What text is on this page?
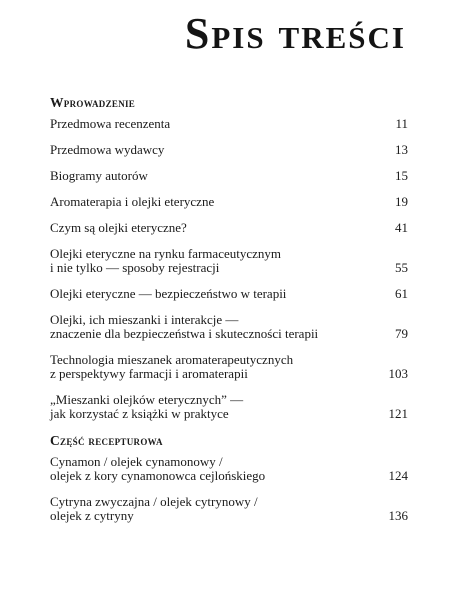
Spis treści
Wprowadzenie
Przedmowa recenzenta	11
Przedmowa wydawcy	13
Biogramy autorów	15
Aromaterapia i olejki eteryczne	19
Czym są olejki eteryczne?	41
Olejki eteryczne na rynku farmaceutycznym
i nie tylko — sposoby rejestracji	55
Olejki eteryczne — bezpieczeństwo w terapii	61
Olejki, ich mieszanki i interakcje —
znaczenie dla bezpieczeństwa i skuteczności terapii	79
Technologia mieszanek aromaterapeutycznych
z perspektywy farmacji i aromaterapii	103
„Mieszanki olejków eterycznych” —
jak korzystać z książki w praktyce	121
Część recepturowa
Cynamon / olejek cynamonowy /
olejek z kory cynamonowca cejlońskiego	124
Cytryna zwyczajna / olejek cytrynowy /
olejek z cytryny	136
